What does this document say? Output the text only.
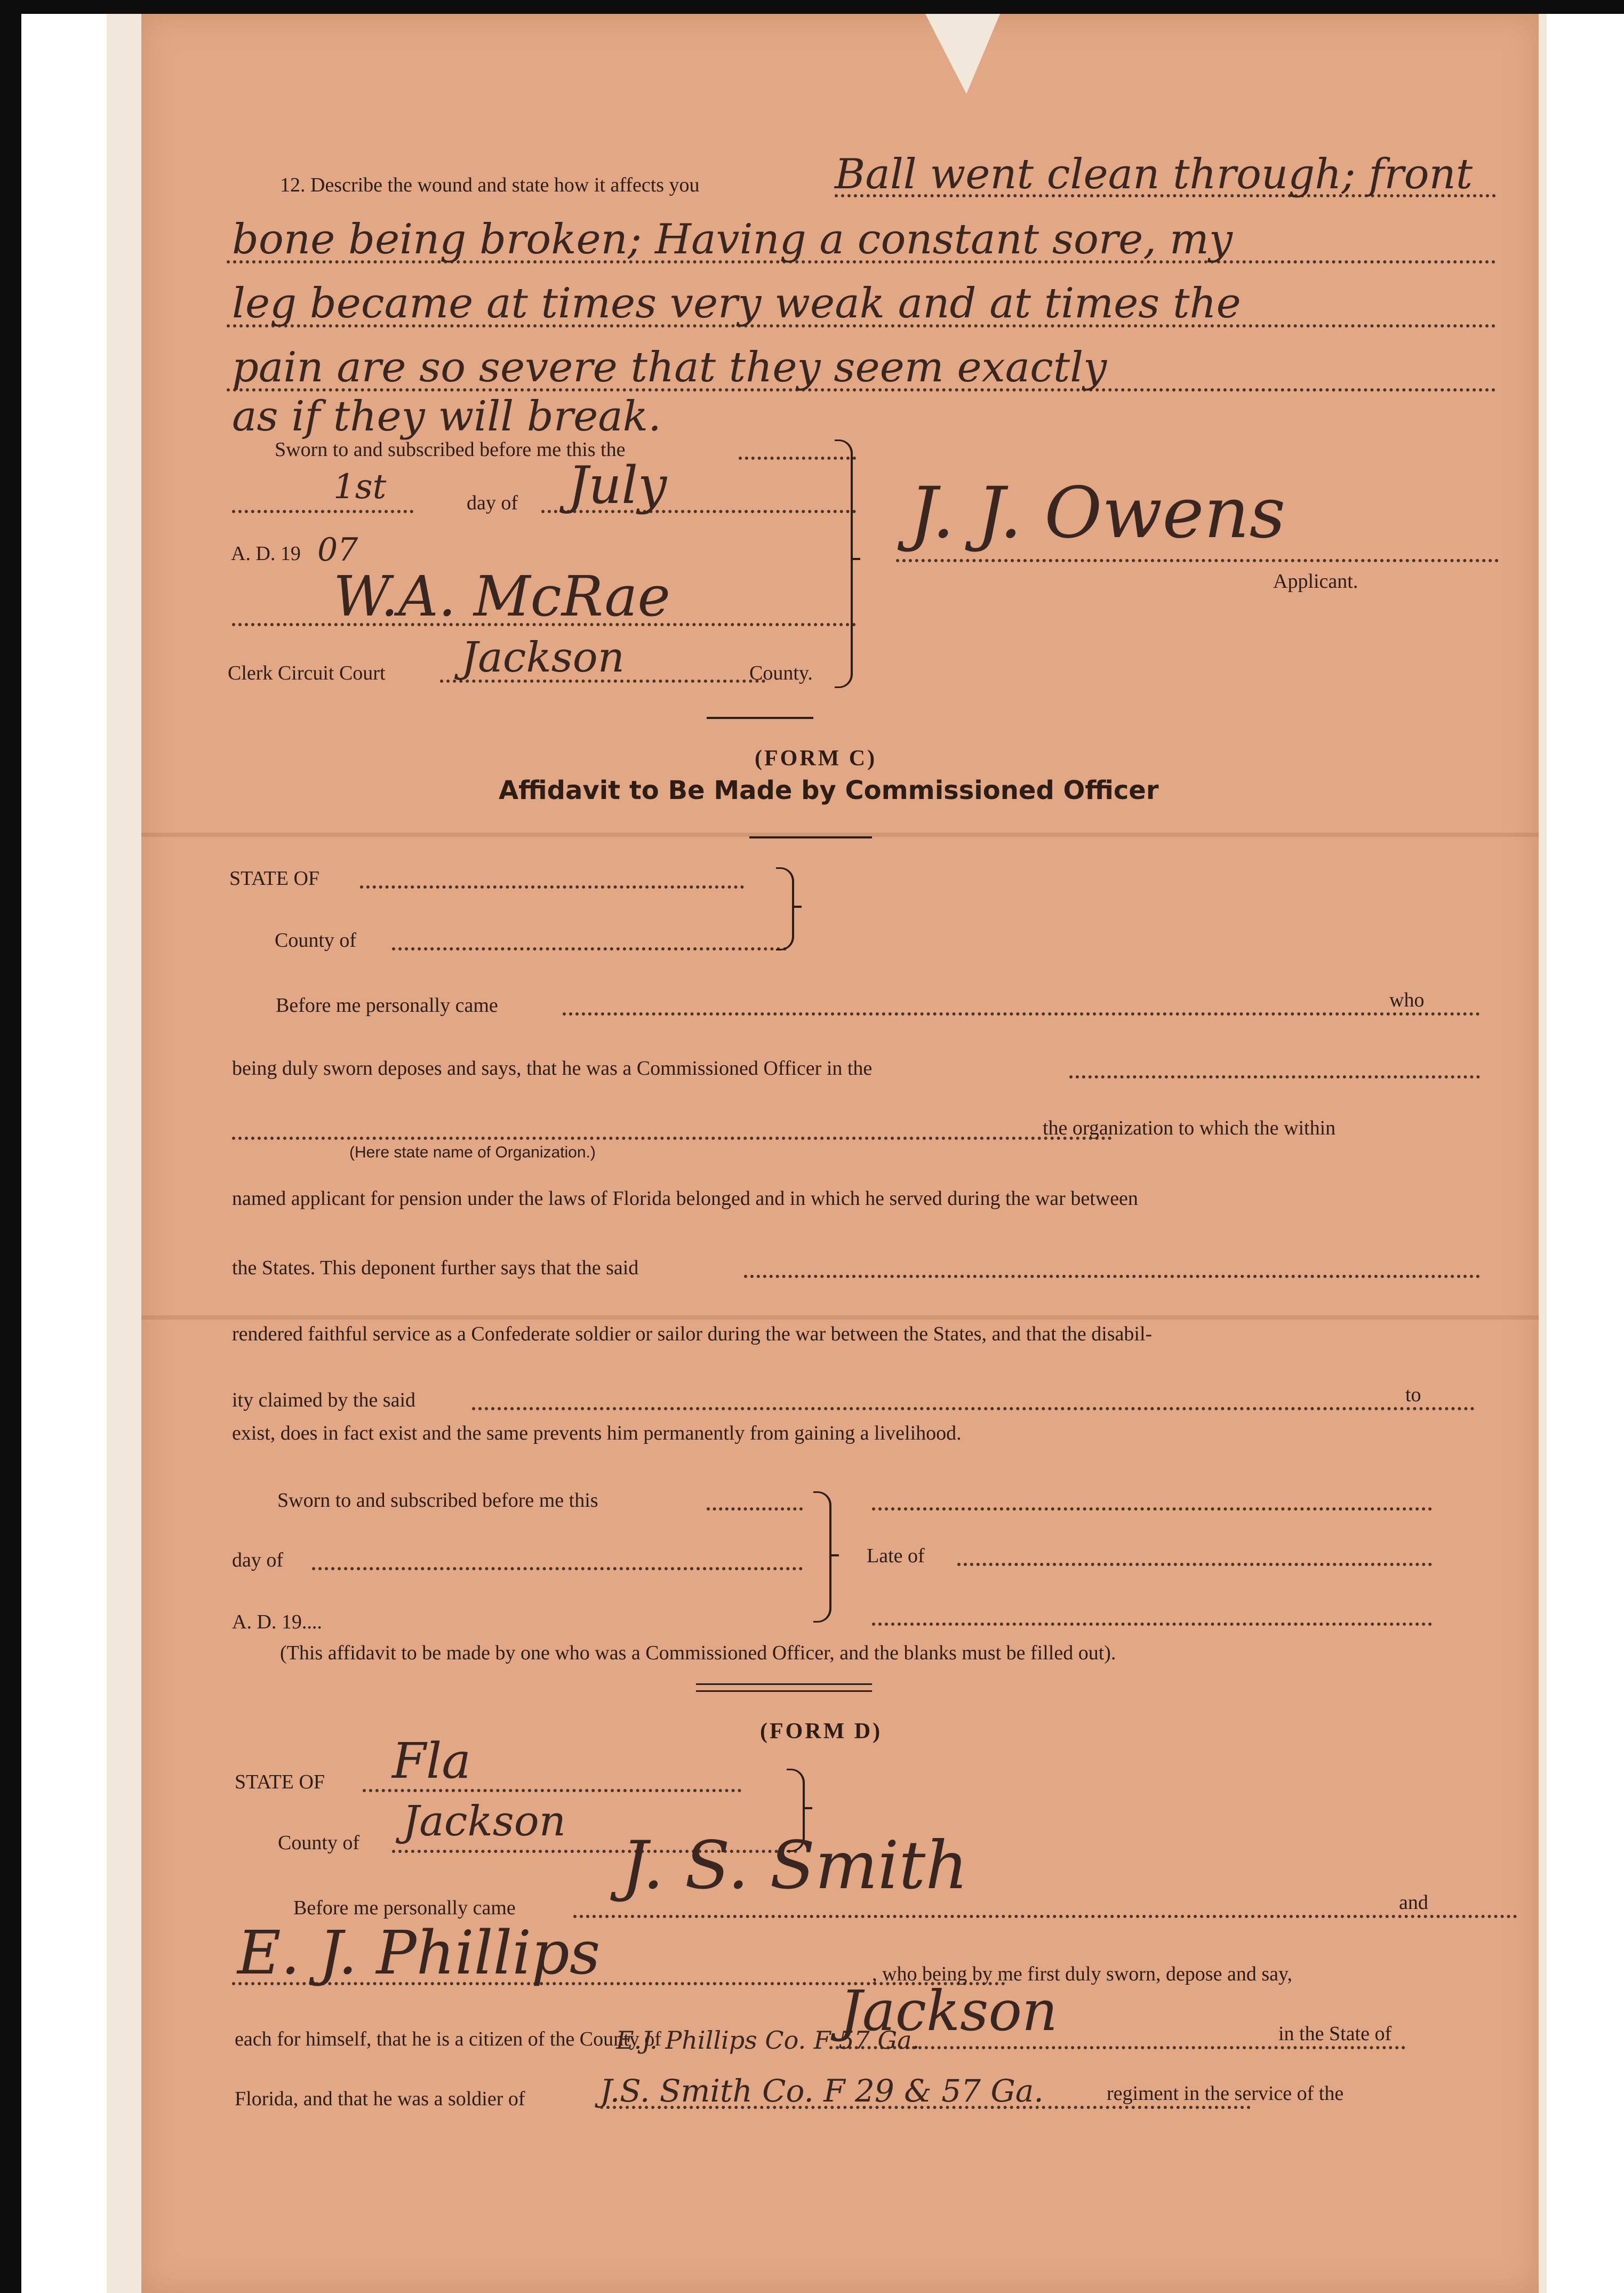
12. Describe the wound and state how it affects you	Ball went clean through; front
bone being broken; Having a constant sore, my
leg became at times very weak and at times the
pain are so severe that they seem exactly
as if they will break.
Sworn to and subscribed before me this the
1st	day of July
A. D. 19 07
W.A. McRae
Clerk Circuit Court Jackson	County.
J. J. Owens
Applicant.
(FORM C)
Affidavit to Be Made by Commissioned Officer
STATE OF
County of
Before me personally came	who
being duly sworn deposes and says, that he was a Commissioned Officer in the
the organization to which the within
(Here state name of Organization.)
named applicant for pension under the laws of Florida belonged and in which he served during the war between
the States. This deponent further says that the said
rendered faithful service as a Confederate soldier or sailor during the war between the States, and that the disabil-
ity claimed by the said	to
exist, does in fact exist and the same prevents him permanently from gaining a livelihood.
Sworn to and subscribed before me this
day of	Late of
A. D. 19....
(This affidavit to be made by one who was a Commissioned Officer, and the blanks must be filled out).
(FORM D)
STATE OF Fla
County of Jackson
Before me personally came
J. S. Smith	and
E. J. Phillips	, who being by me first duly sworn, depose and say,
each for himself, that he is a citizen of the County of	Jackson	in the State of
E.J. Phillips Co. F 57 Ga.
Florida, and that he was a soldier of J.S. Smith Co. F 29 & 57 Ga.	regiment in the service of the
